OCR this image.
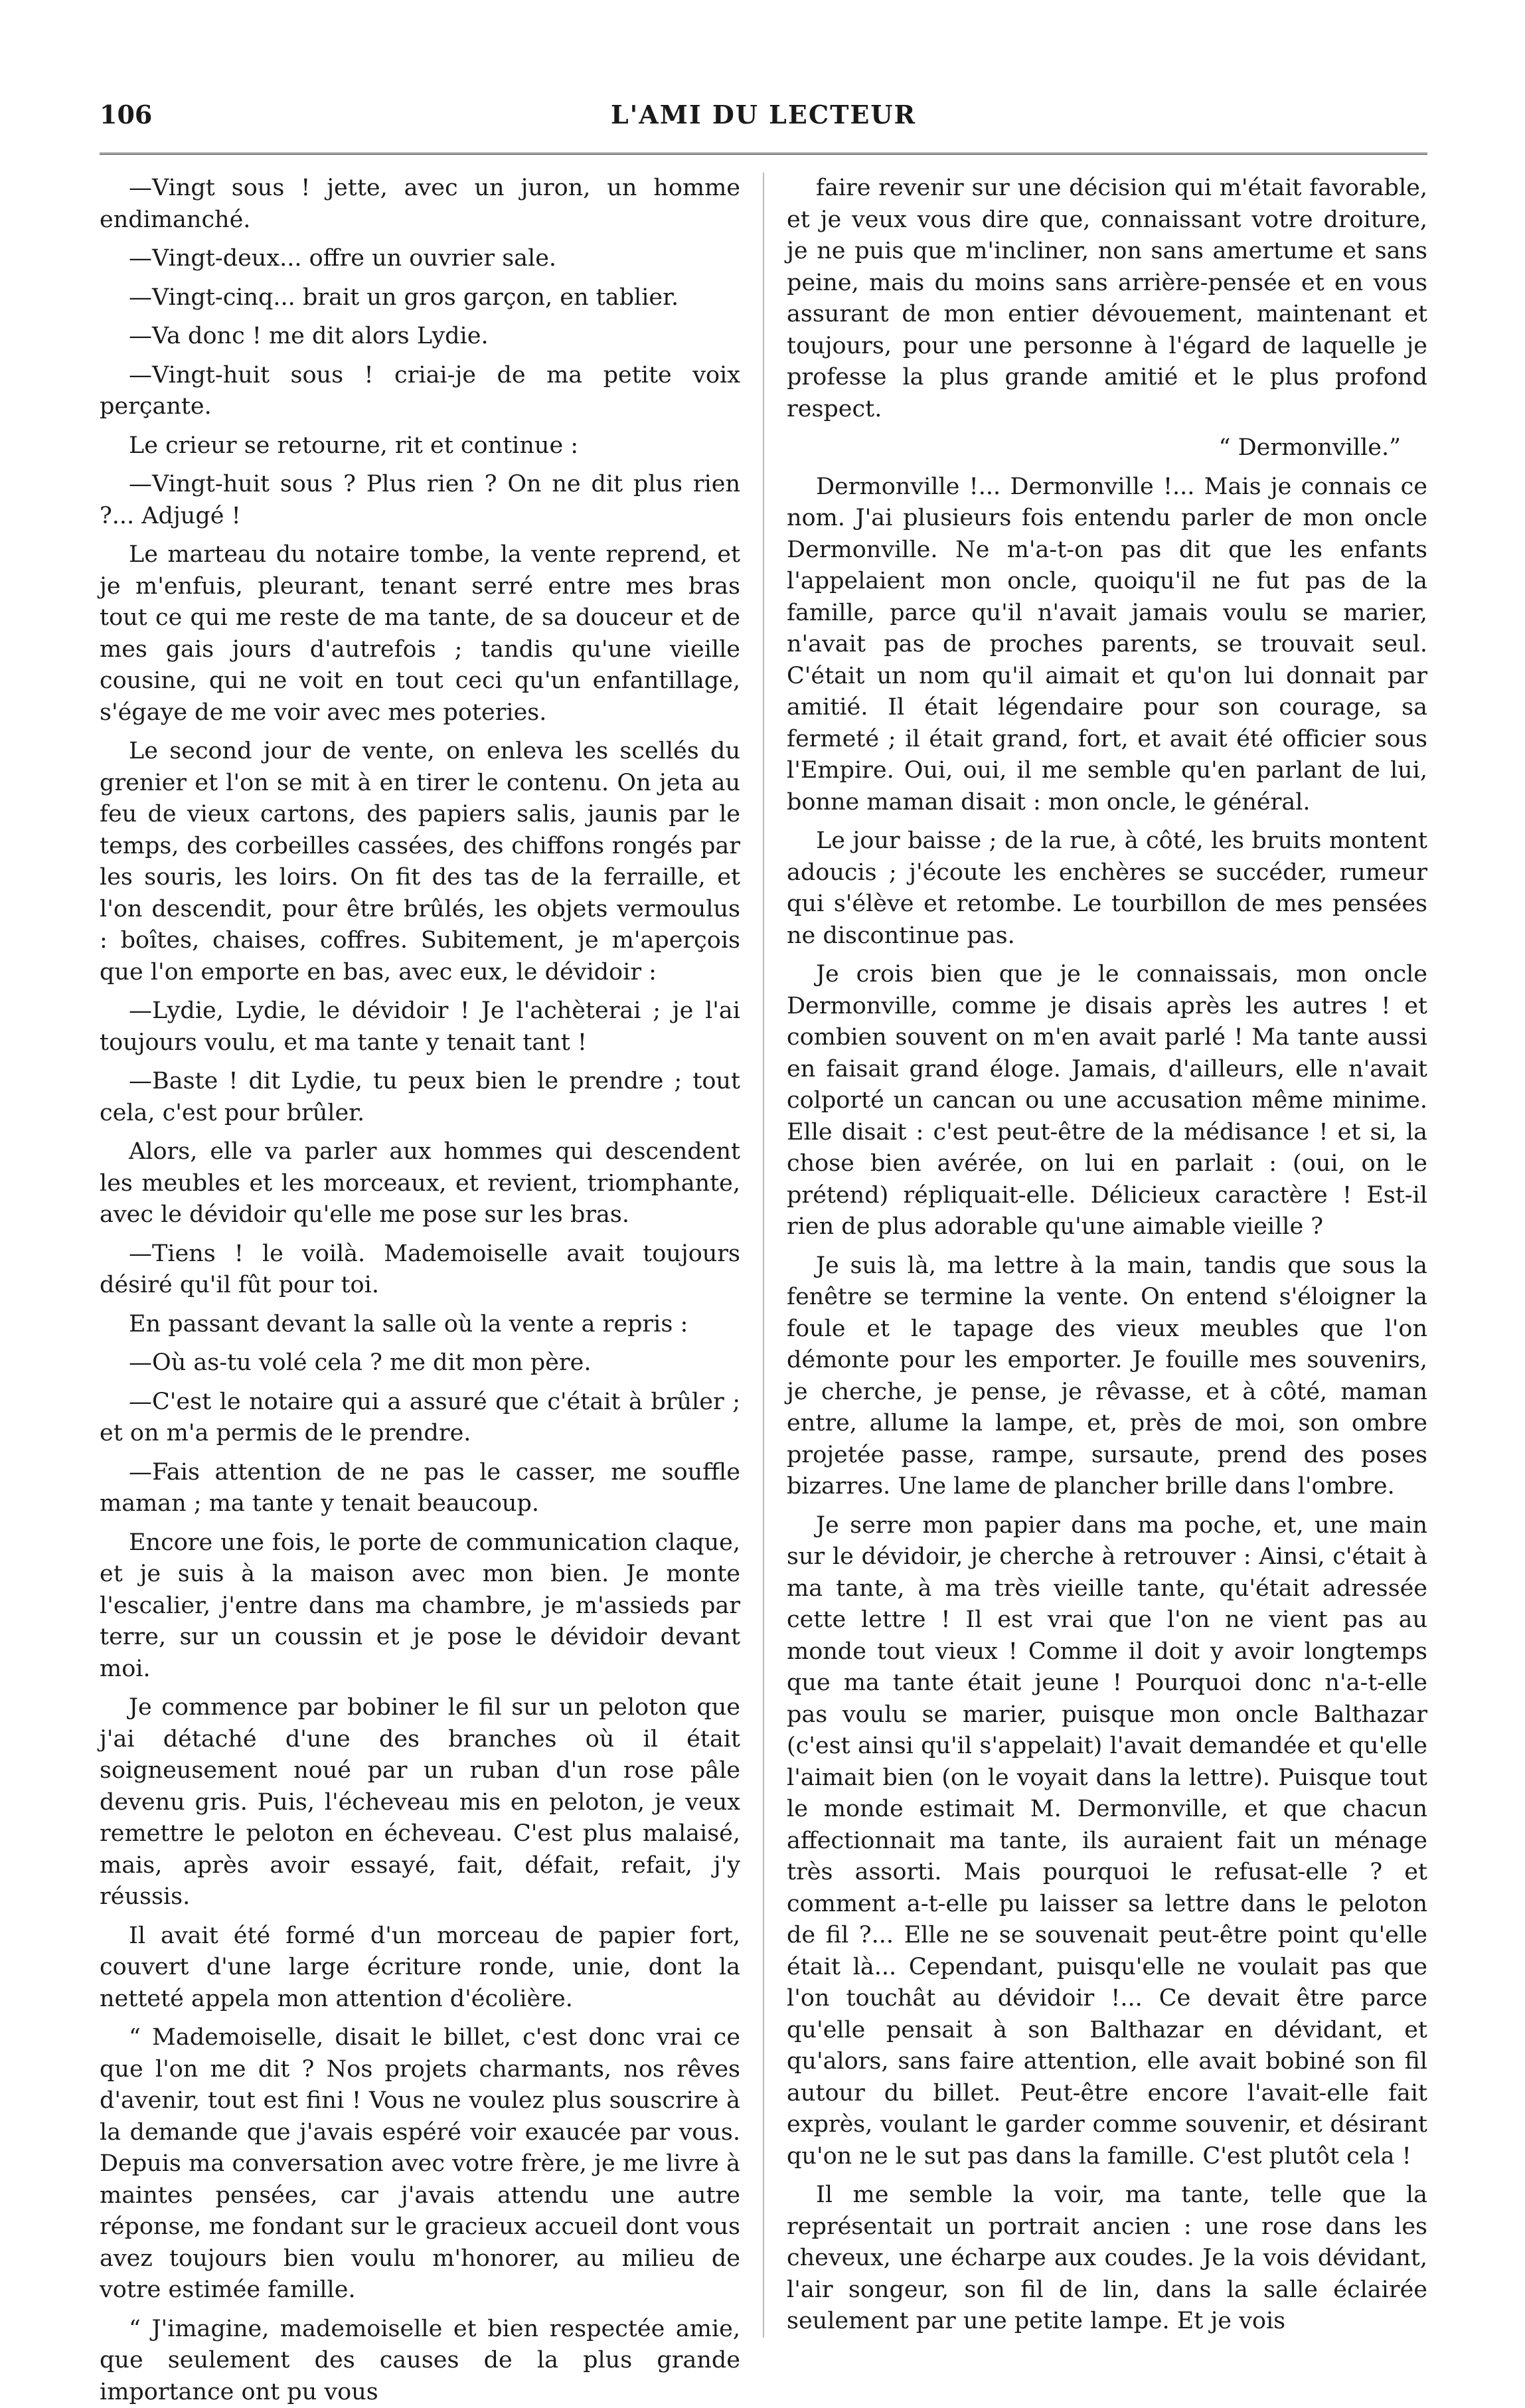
106	L'AMI DU LECTEUR

—Vingt sous ! jette, avec un juron, un homme endimanché.

—Vingt-deux... offre un ouvrier sale.

—Vingt-cinq... brait un gros garçon, en tablier.

—Va donc ! me dit alors Lydie.

—Vingt-huit sous ! criai-je de ma petite voix perçante.

Le crieur se retourne, rit et continue :

—Vingt-huit sous ? Plus rien ? On ne dit plus rien ?... Adjugé !

Le marteau du notaire tombe, la vente reprend, et je m'enfuis, pleurant, tenant serré entre mes bras tout ce qui me reste de ma tante, de sa douceur et de mes gais jours d'autrefois ; tandis qu'une vieille cousine, qui ne voit en tout ceci qu'un enfantillage, s'égaye de me voir avec mes poteries.

Le second jour de vente, on enleva les scellés du grenier et l'on se mit à en tirer le contenu. On jeta au feu de vieux cartons, des papiers salis, jaunis par le temps, des corbeilles cassées, des chiffons rongés par les souris, les loirs. On fit des tas de la ferraille, et l'on descendit, pour être brûlés, les objets vermoulus : boîtes, chaises, coffres. Subitement, je m'aperçois que l'on emporte en bas, avec eux, le dévidoir :

—Lydie, Lydie, le dévidoir ! Je l'achèterai ; je l'ai toujours voulu, et ma tante y tenait tant !

—Baste ! dit Lydie, tu peux bien le prendre ; tout cela, c'est pour brûler.

Alors, elle va parler aux hommes qui descendent les meubles et les morceaux, et revient, triomphante, avec le dévidoir qu'elle me pose sur les bras.

—Tiens ! le voilà. Mademoiselle avait toujours désiré qu'il fût pour toi.

En passant devant la salle où la vente a repris :

—Où as-tu volé cela ? me dit mon père.

—C'est le notaire qui a assuré que c'était à brûler ; et on m'a permis de le prendre.

—Fais attention de ne pas le casser, me souffle maman ; ma tante y tenait beaucoup.

Encore une fois, le porte de communication claque, et je suis à la maison avec mon bien. Je monte l'escalier, j'entre dans ma chambre, je m'assieds par terre, sur un coussin et je pose le dévidoir devant moi.

Je commence par bobiner le fil sur un peloton que j'ai détaché d'une des branches où il était soigneusement noué par un ruban d'un rose pâle devenu gris. Puis, l'écheveau mis en peloton, je veux remettre le peloton en écheveau. C'est plus malaisé, mais, après avoir essayé, fait, défait, refait, j'y réussis.

Il avait été formé d'un morceau de papier fort, couvert d'une large écriture ronde, unie, dont la netteté appela mon attention d'écolière.

“ Mademoiselle, disait le billet, c'est donc vrai ce que l'on me dit ? Nos projets charmants, nos rêves d'avenir, tout est fini ! Vous ne voulez plus souscrire à la demande que j'avais espéré voir exaucée par vous. Depuis ma conversation avec votre frère, je me livre à maintes pensées, car j'avais attendu une autre réponse, me fondant sur le gracieux accueil dont vous avez toujours bien voulu m'honorer, au milieu de votre estimée famille.

“ J'imagine, mademoiselle et bien respectée amie, que seulement des causes de la plus grande importance ont pu vous

faire revenir sur une décision qui m'était favorable, et je veux vous dire que, connaissant votre droiture, je ne puis que m'incliner, non sans amertume et sans peine, mais du moins sans arrière-pensée et en vous assurant de mon entier dévouement, maintenant et toujours, pour une personne à l'égard de laquelle je professe la plus grande amitié et le plus profond respect.

“ Dermonville.”

Dermonville !... Dermonville !... Mais je connais ce nom. J'ai plusieurs fois entendu parler de mon oncle Dermonville. Ne m'a-t-on pas dit que les enfants l'appelaient mon oncle, quoiqu'il ne fut pas de la famille, parce qu'il n'avait jamais voulu se marier, n'avait pas de proches parents, se trouvait seul. C'était un nom qu'il aimait et qu'on lui donnait par amitié. Il était légendaire pour son courage, sa fermeté ; il était grand, fort, et avait été officier sous l'Empire. Oui, oui, il me semble qu'en parlant de lui, bonne maman disait : mon oncle, le général.

Le jour baisse ; de la rue, à côté, les bruits montent adoucis ; j'écoute les enchères se succéder, rumeur qui s'élève et retombe. Le tourbillon de mes pensées ne discontinue pas.

Je crois bien que je le connaissais, mon oncle Dermonville, comme je disais après les autres ! et combien souvent on m'en avait parlé ! Ma tante aussi en faisait grand éloge. Jamais, d'ailleurs, elle n'avait colporté un cancan ou une accusation même minime. Elle disait : c'est peut-être de la médisance ! et si, la chose bien avérée, on lui en parlait : (oui, on le prétend) répliquait-elle. Délicieux caractère ! Est-il rien de plus adorable qu'une aimable vieille ?

Je suis là, ma lettre à la main, tandis que sous la fenêtre se termine la vente. On entend s'éloigner la foule et le tapage des vieux meubles que l'on démonte pour les emporter. Je fouille mes souvenirs, je cherche, je pense, je rêvasse, et à côté, maman entre, allume la lampe, et, près de moi, son ombre projetée passe, rampe, sursaute, prend des poses bizarres. Une lame de plancher brille dans l'ombre.

Je serre mon papier dans ma poche, et, une main sur le dévidoir, je cherche à retrouver : Ainsi, c'était à ma tante, à ma très vieille tante, qu'était adressée cette lettre ! Il est vrai que l'on ne vient pas au monde tout vieux ! Comme il doit y avoir longtemps que ma tante était jeune ! Pourquoi donc n'a-t-elle pas voulu se marier, puisque mon oncle Balthazar (c'est ainsi qu'il s'appelait) l'avait demandée et qu'elle l'aimait bien (on le voyait dans la lettre). Puisque tout le monde estimait M. Dermonville, et que chacun affectionnait ma tante, ils auraient fait un ménage très assorti. Mais pourquoi le refusat-elle ? et comment a-t-elle pu laisser sa lettre dans le peloton de fil ?... Elle ne se souvenait peut-être point qu'elle était là... Cependant, puisqu'elle ne voulait pas que l'on touchât au dévidoir !... Ce devait être parce qu'elle pensait à son Balthazar en dévidant, et qu'alors, sans faire attention, elle avait bobiné son fil autour du billet. Peut-être encore l'avait-elle fait exprès, voulant le garder comme souvenir, et désirant qu'on ne le sut pas dans la famille. C'est plutôt cela !

Il me semble la voir, ma tante, telle que la représentait un portrait ancien : une rose dans les cheveux, une écharpe aux coudes. Je la vois dévidant, l'air songeur, son fil de lin, dans la salle éclairée seulement par une petite lampe. Et je vois
